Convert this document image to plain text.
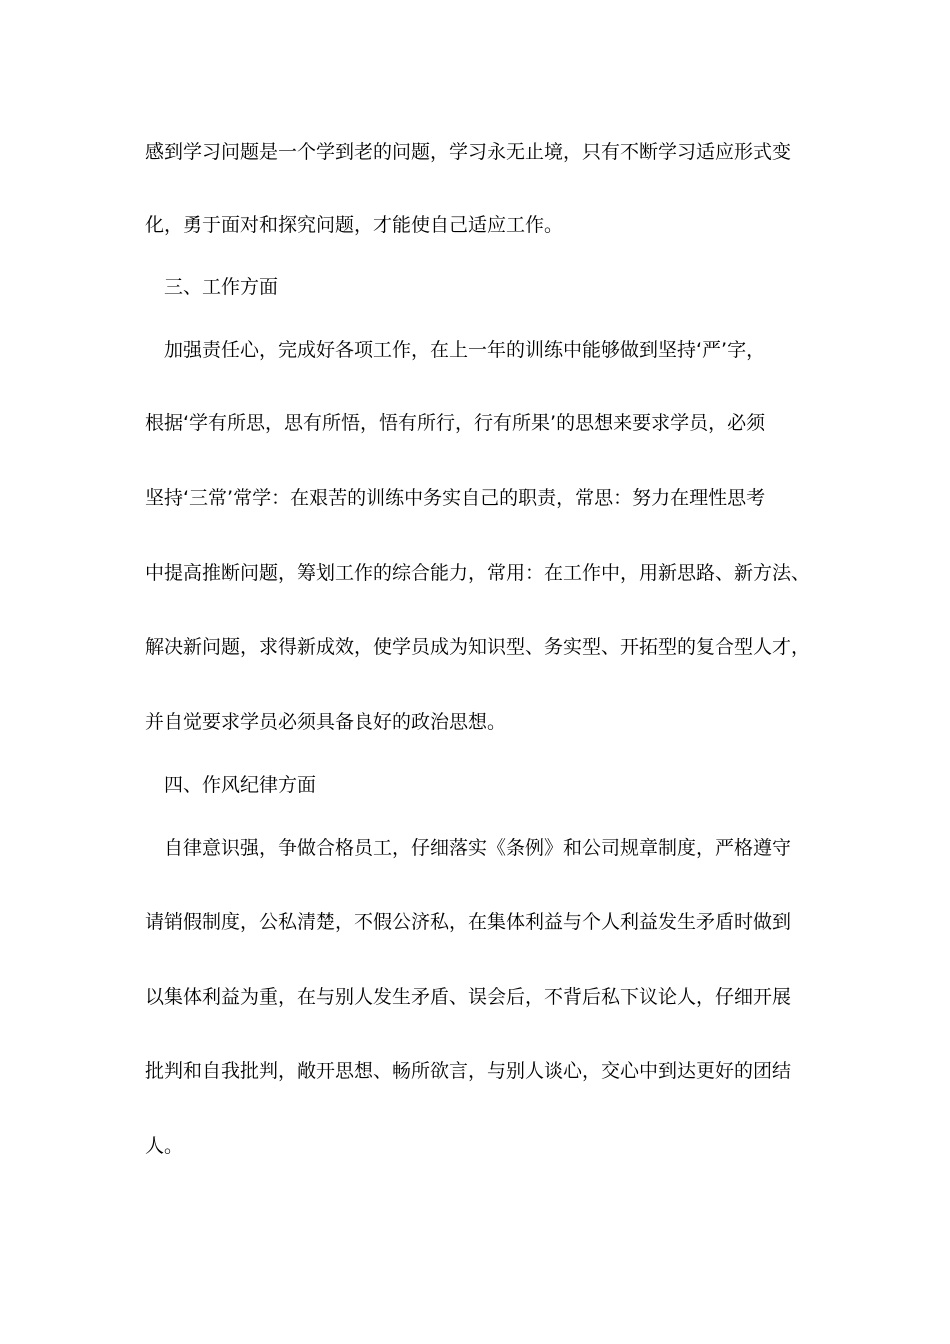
感到学习问题是一个学到老的问题，学习永无止境，只有不断学习适应形式变
化，勇于面对和探究问题，才能使自己适应工作。
三、工作方面
加强责任心，完成好各项工作，在上一年的训练中能够做到坚持‘严’字，
根据‘学有所思，思有所悟，悟有所行，行有所果’的思想来要求学员，必须
坚持‘三常’常学：在艰苦的训练中务实自己的职责，常思：努力在理性思考
中提高推断问题，筹划工作的综合能力，常用：在工作中，用新思路、新方法、
解决新问题，求得新成效，使学员成为知识型、务实型、开拓型的复合型人才，
并自觉要求学员必须具备良好的政治思想。
四、作风纪律方面
自律意识强，争做合格员工，仔细落实《条例》和公司规章制度，严格遵守
请销假制度，公私清楚，不假公济私，在集体利益与个人利益发生矛盾时做到
以集体利益为重，在与别人发生矛盾、误会后，不背后私下议论人，仔细开展
批判和自我批判，敞开思想、畅所欲言，与别人谈心，交心中到达更好的团结
人。
